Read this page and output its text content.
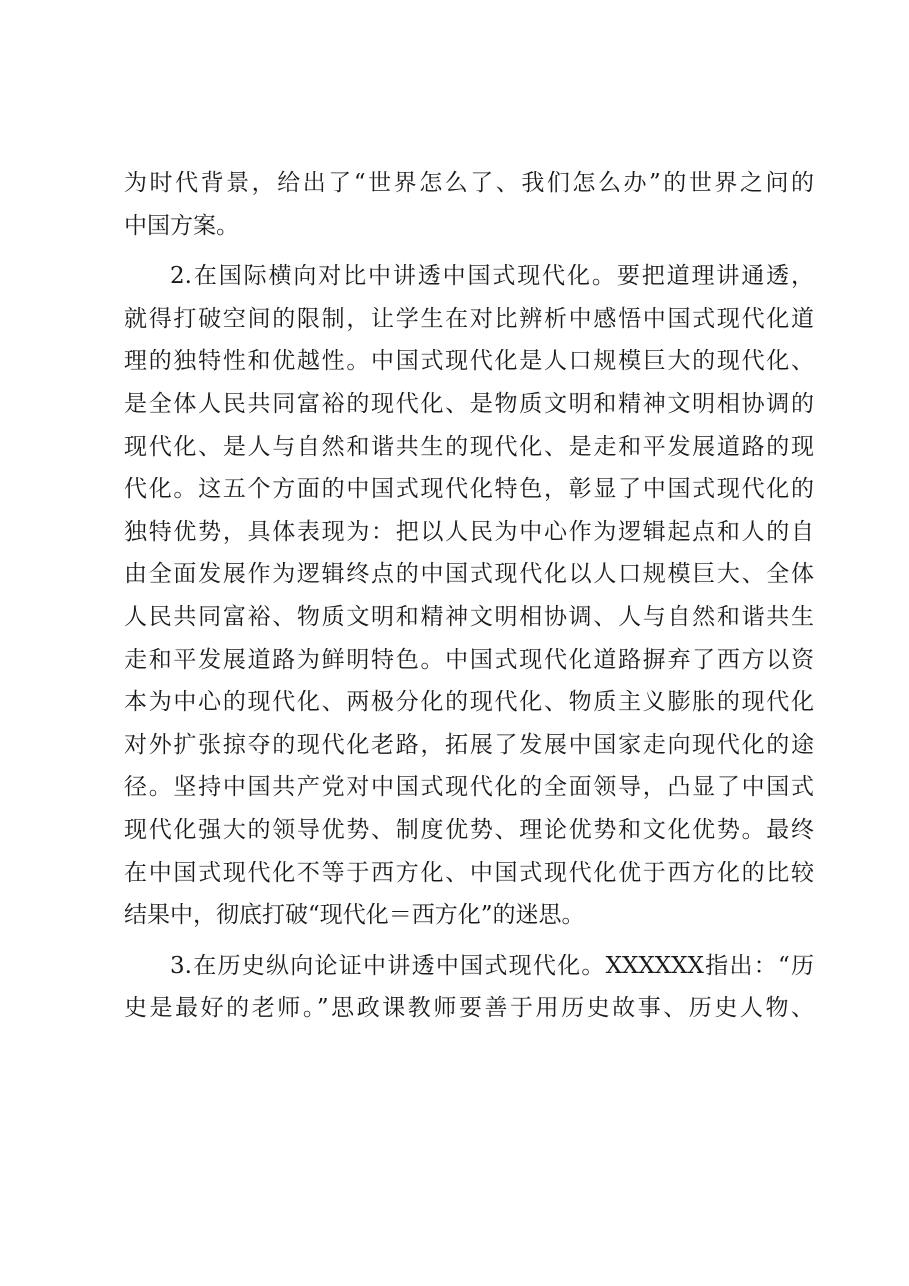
为时代背景，给出了“世界怎么了、我们怎么办”的世界之问的
中国方案。
2.在国际横向对比中讲透中国式现代化。要把道理讲通透，
就得打破空间的限制，让学生在对比辨析中感悟中国式现代化道
理的独特性和优越性。中国式现代化是人口规模巨大的现代化、
是全体人民共同富裕的现代化、是物质文明和精神文明相协调的
现代化、是人与自然和谐共生的现代化、是走和平发展道路的现
代化。这五个方面的中国式现代化特色，彰显了中国式现代化的
独特优势，具体表现为：把以人民为中心作为逻辑起点和人的自
由全面发展作为逻辑终点的中国式现代化以人口规模巨大、全体
人民共同富裕、物质文明和精神文明相协调、人与自然和谐共生
走和平发展道路为鲜明特色。中国式现代化道路摒弃了西方以资
本为中心的现代化、两极分化的现代化、物质主义膨胀的现代化
对外扩张掠夺的现代化老路，拓展了发展中国家走向现代化的途
径。坚持中国共产党对中国式现代化的全面领导，凸显了中国式
现代化强大的领导优势、制度优势、理论优势和文化优势。最终
在中国式现代化不等于西方化、中国式现代化优于西方化的比较
结果中，彻底打破“现代化＝西方化”的迷思。
3.在历史纵向论证中讲透中国式现代化。XXXXXX指出：“历
史是最好的老师。”思政课教师要善于用历史故事、历史人物、
